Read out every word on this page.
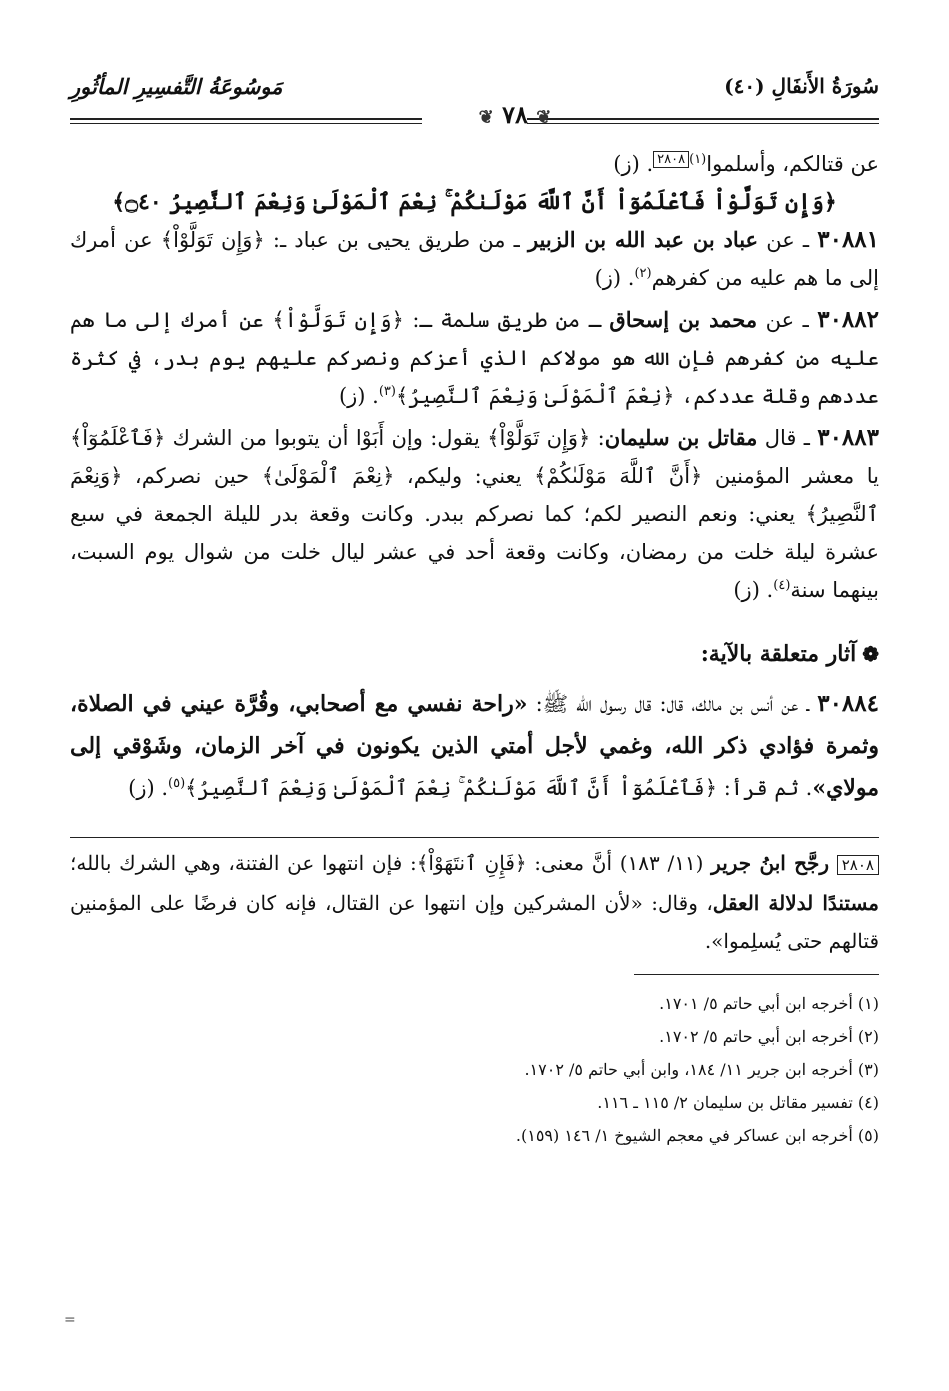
سُورَةُ الأَنفَالِ (٤٠)
مَوسُوعَةُ التَّفسِيرِ المأثُورِ
❦ ٧٨ ❦

عن قتالكم، وأسلموا$^{(١)٢٨٠٨}$. (ز)

﴿وَإِن تَوَلَّوْاْ فَٱعْلَمُوٓاْ أَنَّ ٱللَّهَ مَوْلَىٰكُمْ ۚ نِعْمَ ٱلْمَوْلَىٰ وَنِعْمَ ٱلنَّصِيرُ ۝٤٠﴾

٣٠٨٨١ ـ عن عباد بن عبد الله بن الزبير ـ من طريق يحيى بن عباد ـ: ﴿وَإِن تَوَلَّوْاْ﴾ عن أمرك إلى ما هم عليه من كفرهم$^{(٢)}$. (ز)

٣٠٨٨٢ ـ عن محمد بن إسحاق ـ من طريق سلمة ـ: ﴿وَإِن تَوَلَّوْاْ﴾ عن أمرك إلى ما هم عليه من كفرهم فإن الله هو مولاكم الذي أعزكم ونصركم عليهم يوم بدر، في كثرة عددهم وقلة عددكم، ﴿نِعْمَ ٱلْمَوْلَىٰ وَنِعْمَ ٱلنَّصِيرُ﴾$^{(٣)}$. (ز)

٣٠٨٨٣ ـ قال مقاتل بن سليمان: ﴿وَإِن تَوَلَّوْاْ﴾ يقول: وإن أَبَوْا أن يتوبوا من الشرك ﴿فَٱعْلَمُوٓاْ﴾ يا معشر المؤمنين ﴿أَنَّ ٱللَّهَ مَوْلَىٰكُمْ﴾ يعني: وليكم، ﴿نِعْمَ ٱلْمَوْلَىٰ﴾ حين نصركم، ﴿وَنِعْمَ ٱلنَّصِيرُ﴾ يعني: ونعم النصير لكم؛ كما نصركم ببدر. وكانت وقعة بدر لليلة الجمعة في سبع عشرة ليلة خلت من رمضان، وكانت وقعة أحد في عشر ليال خلت من شوال يوم السبت، بينهما سنة$^{(٤)}$. (ز)

❁آثار متعلقة بالآية:

٣٠٨٨٤ ـ عن أنس بن مالك، قال: قال رسول الله ﷺ: «راحة نفسي مع أصحابي، وقُرَّة عيني في الصلاة، وثمرة فؤادي ذكر الله، وغمي لأجل أمتي الذين يكونون في آخر الزمان، وشَوْقي إلى مولاي». ثم قرأ: ﴿فَٱعْلَمُوٓاْ أَنَّ ٱللَّهَ مَوْلَىٰكُمْ ۚ نِعْمَ ٱلْمَوْلَىٰ وَنِعْمَ ٱلنَّصِيرُ﴾$^{(٥)}$. (ز)

٢٨٠٨ رجَّح ابنُ جرير (١١/ ١٨٣) أنَّ معنى: ﴿فَإِنِ ٱنتَهَوْاْ﴾: فإن انتهوا عن الفتنة، وهي الشرك بالله؛ مستندًا لدلالة العقل، وقال: «لأن المشركين وإن انتهوا عن القتال، فإنه كان فرضًا على المؤمنين قتالهم حتى يُسلِموا».

(١) أخرجه ابن أبي حاتم ٥/ ١٧٠١.

(٢) أخرجه ابن أبي حاتم ٥/ ١٧٠٢.

(٣) أخرجه ابن جرير ١١/ ١٨٤، وابن أبي حاتم ٥/ ١٧٠٢.

(٤) تفسير مقاتل بن سليمان ٢/ ١١٥ ـ ١١٦.

(٥) أخرجه ابن عساكر في معجم الشيوخ ١/ ١٤٦ (١٥٩).

=
